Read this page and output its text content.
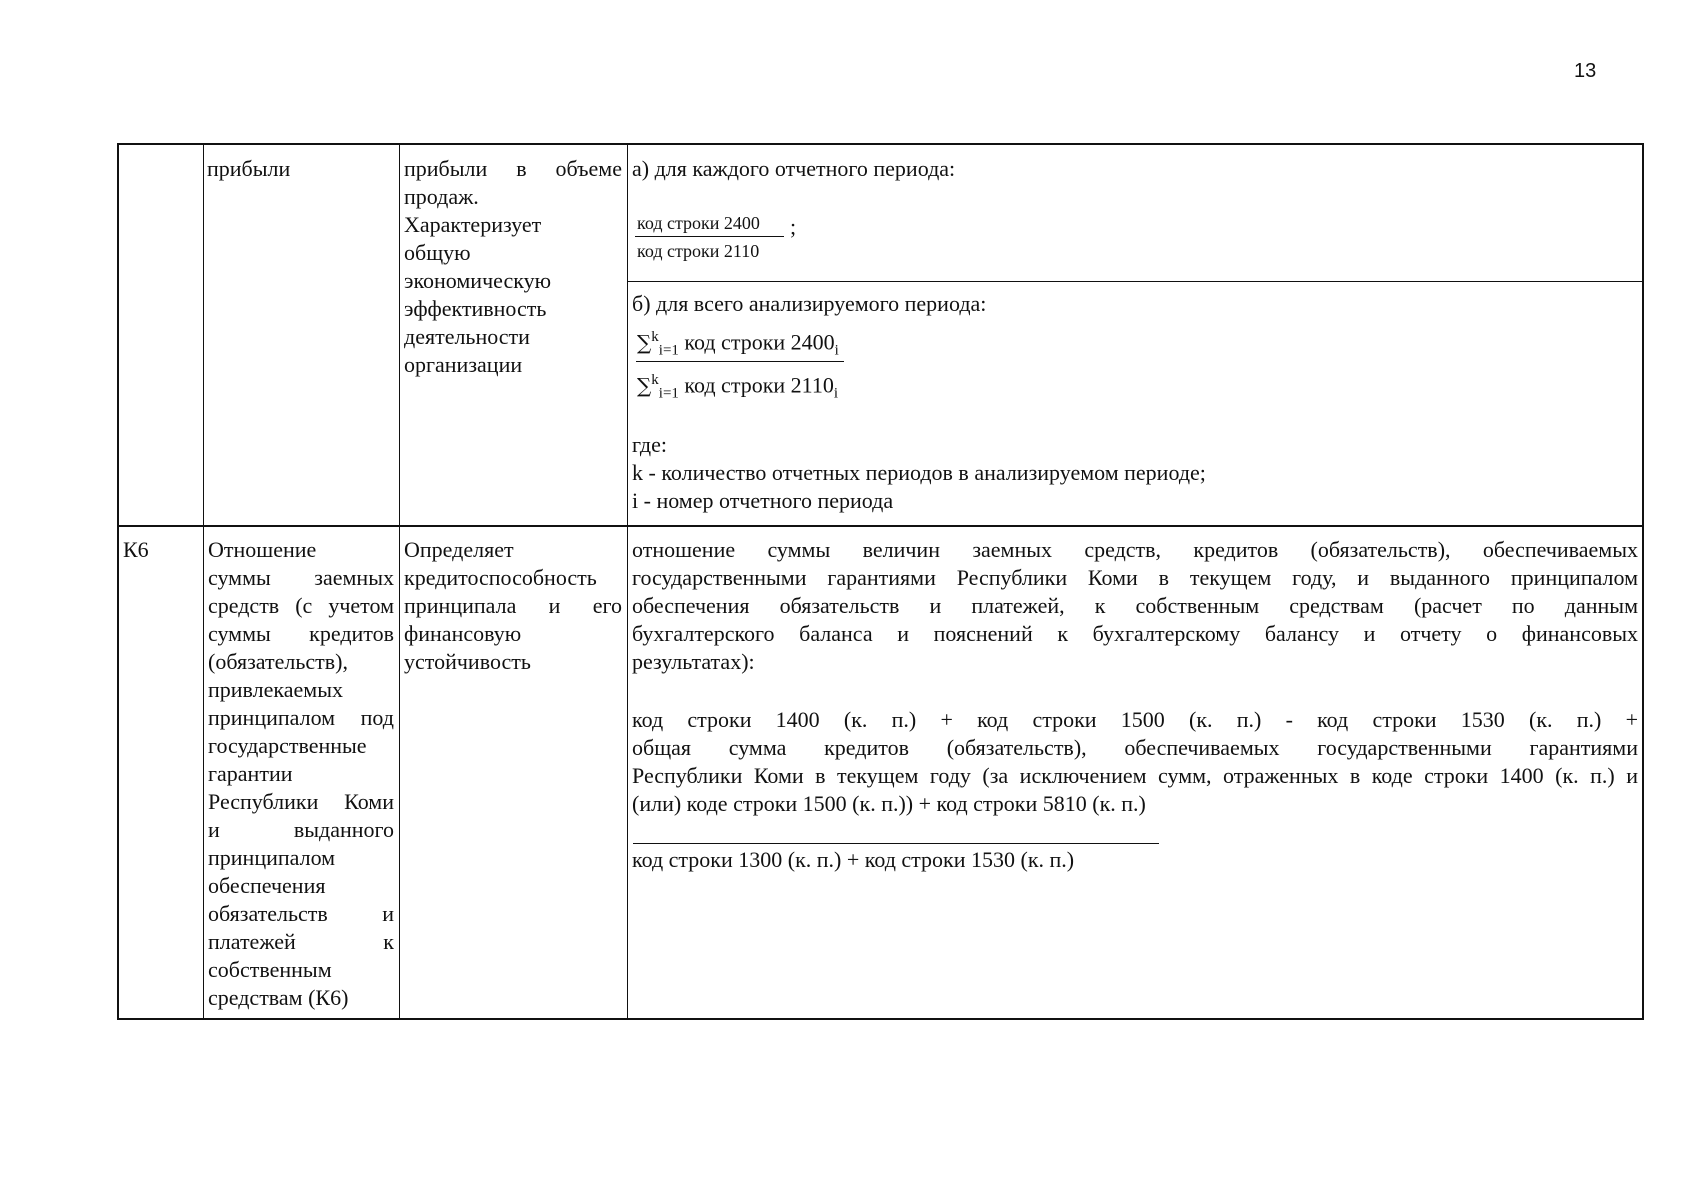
13
прибыли	прибыли в объеме
продаж.
Характеризует
общую
экономическую
эффективность
деятельности
организации
а) для каждого отчетного периода:
код строки 2400
код строки 2110
;
б) для всего анализируемого периода:
∑$^k_{i=1}$ код строки $2400_i$
∑$^k_{i=1}$ код строки $2110_i$
где:
k - количество отчетных периодов в анализируемом периоде;
i - номер отчетного периода
К6	Отношение
суммы заемных
средств (с учетом
суммы кредитов
(обязательств),
привлекаемых
принципалом под
государственные
гарантии
Республики Коми
и выданного
принципалом
обеспечения
обязательств и
платежей к
собственным
средствам (К6)
Определяет
кредитоспособность
принципала и его
финансовую
устойчивость
отношение суммы величин заемных средств, кредитов (обязательств), обеспечиваемых
государственными гарантиями Республики Коми в текущем году, и выданного принципалом
обеспечения обязательств и платежей, к собственным средствам (расчет по данным
бухгалтерского баланса и пояснений к бухгалтерскому балансу и отчету о финансовых
результатах):
код строки 1400 (к. п.) + код строки 1500 (к. п.) - код строки 1530 (к. п.) +
общая сумма кредитов (обязательств), обеспечиваемых государственными гарантиями
Республики Коми в текущем году (за исключением сумм, отраженных в коде строки 1400 (к. п.) и
(или) коде строки 1500 (к. п.)) + код строки 5810 (к. п.)
код строки 1300 (к. п.) + код строки 1530 (к. п.)
